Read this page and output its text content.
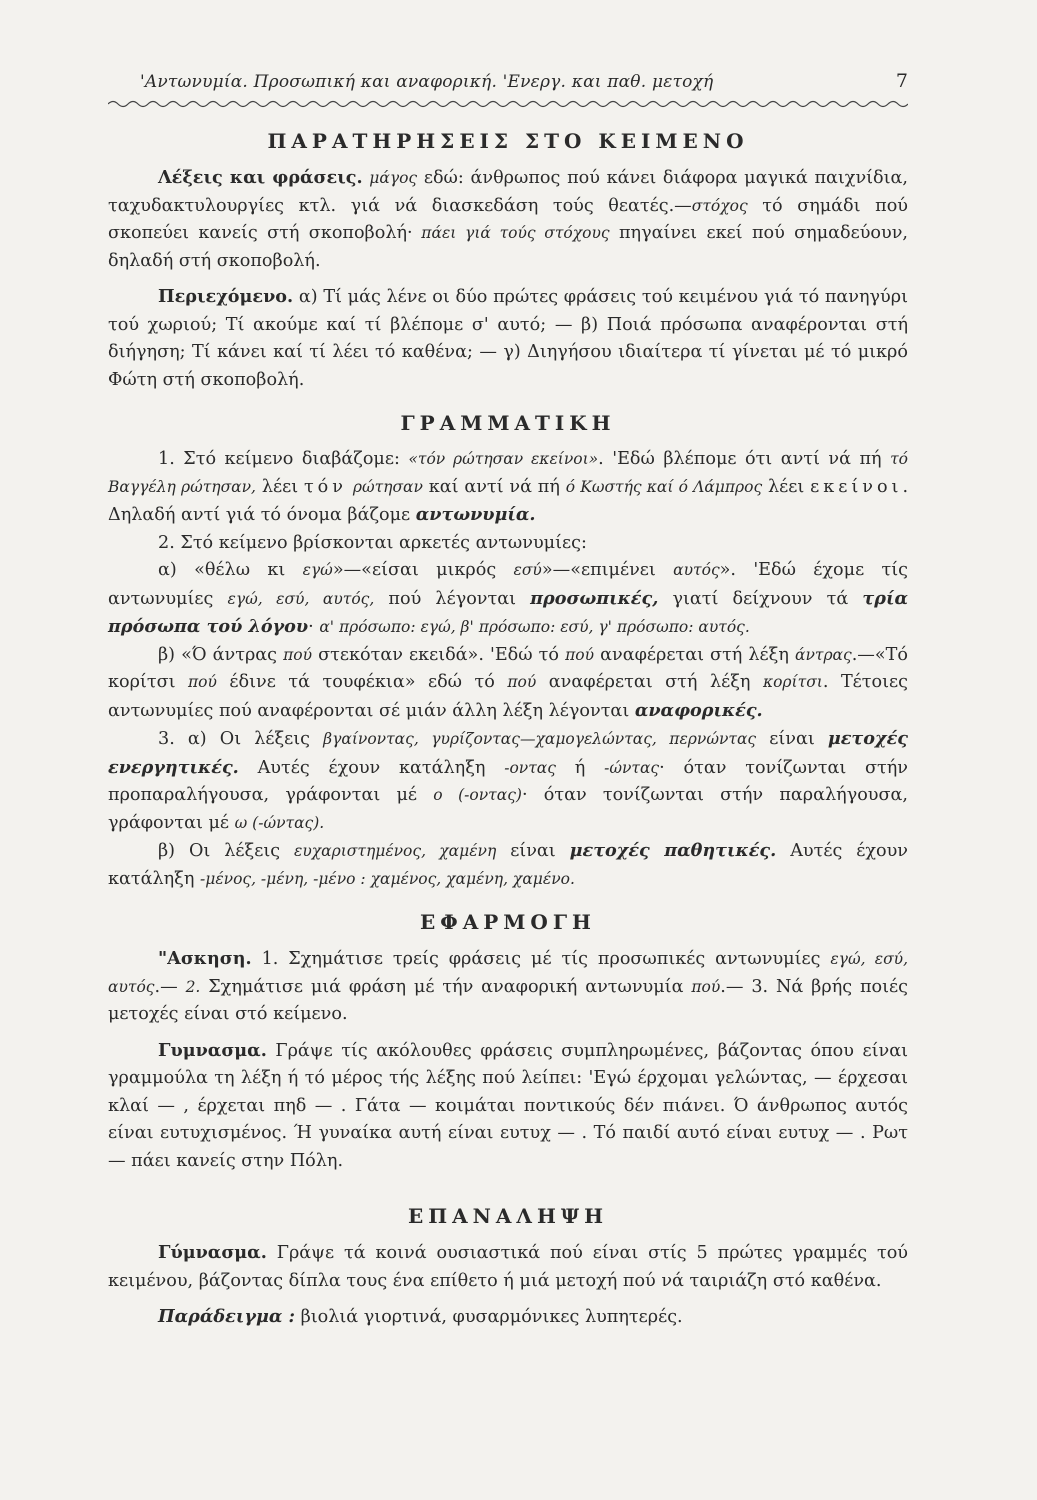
'Αντωνυμία. Προσωπική και αναφορική. 'Ενεργ. και παθ. μετοχή	7
ΠΑΡΑΤΗΡΗΣΕΙΣ ΣΤΟ ΚΕΙΜΕΝΟ

Λέξεις και φράσεις. μάγος εδώ: άνθρωπος πού κάνει διάφορα μαγικά παιχνίδια, ταχυδακτυλουργίες κτλ. γιά νά διασκεδάση τούς θεατές.—στόχος τό σημάδι πού σκοπεύει κανείς στή σκοποβολή· πάει γιά τούς στόχους πηγαίνει εκεί πού σημαδεύουν, δηλαδή στή σκοποβολή.

Περιεχόμενο. α) Τί μάς λένε οι δύο πρώτες φράσεις τού κειμένου γιά τό πανηγύρι τού χωριού; Τί ακούμε καί τί βλέπομε σ' αυτό; — β) Ποιά πρόσωπα αναφέρονται στή διήγηση; Τί κάνει καί τί λέει τό καθένα; — γ) Διηγήσου ιδιαίτερα τί γίνεται μέ τό μικρό Φώτη στή σκοποβολή.

ΓΡΑΜΜΑΤΙΚΗ

1. Στό κείμενο διαβάζομε: «τόν ρώτησαν εκείνοι». 'Εδώ βλέπομε ότι αντί νά πή τό Βαγγέλη ρώτησαν, λέει τόν ρώτησαν καί αντί νά πή ό Κωστής καί ό Λάμπρος λέει εκείνοι. Δηλαδή αντί γιά τό όνομα βάζομε αντωνυμία.

2. Στό κείμενο βρίσκονται αρκετές αντωνυμίες:

α) «θέλω κι εγώ»—«είσαι μικρός εσύ»—«επιμένει αυτός». 'Εδώ έχομε τίς αντωνυμίες εγώ, εσύ, αυτός, πού λέγονται προσωπικές, γιατί δείχνουν τά τρία πρόσωπα τού λόγου· α' πρόσωπο: εγώ, β' πρόσωπο: εσύ, γ' πρόσωπο: αυτός.

β) «Ό άντρας πού στεκόταν εκειδά». 'Εδώ τό πού αναφέρεται στή λέξη άντρας.—«Τό κορίτσι πού έδινε τά τουφέκια» εδώ τό πού αναφέρεται στή λέξη κορίτσι. Τέτοιες αντωνυμίες πού αναφέρονται σέ μιάν άλλη λέξη λέγονται αναφορικές.

3. α) Οι λέξεις βγαίνοντας, γυρίζοντας—χαμογελώντας, περνώντας είναι μετοχές ενεργητικές. Αυτές έχουν κατάληξη -οντας ή -ώντας· όταν τονίζωνται στήν προπαραλήγουσα, γράφονται μέ ο (-οντας)· όταν τονίζωνται στήν παραλήγουσα, γράφονται μέ ω (-ώντας).

β) Οι λέξεις ευχαριστημένος, χαμένη είναι μετοχές παθητικές. Αυτές έχουν κατάληξη -μένος, -μένη, -μένο : χαμένος, χαμένη, χαμένο.

ΕΦΑΡΜΟΓΗ

"Ασκηση. 1. Σχημάτισε τρείς φράσεις μέ τίς προσωπικές αντωνυμίες εγώ, εσύ, αυτός.— 2. Σχημάτισε μιά φράση μέ τήν αναφορική αντωνυμία πού.— 3. Νά βρής ποιές μετοχές είναι στό κείμενο.

Γυμνασμα. Γράψε τίς ακόλουθες φράσεις συμπληρωμένες, βάζοντας όπου είναι γραμμούλα τη λέξη ή τό μέρος τής λέξης πού λείπει: 'Εγώ έρχομαι γελώντας, — έρχεσαι κλαί — , έρχεται πηδ — . Γάτα — κοιμάται ποντικούς δέν πιάνει. Ό άνθρωπος αυτός είναι ευτυχισμένος. Ή γυναίκα αυτή είναι ευτυχ — . Τό παιδί αυτό είναι ευτυχ — . Ρωτ — πάει κανείς στην Πόλη.

ΕΠΑΝΑΛΗΨΗ

Γύμνασμα. Γράψε τά κοινά ουσιαστικά πού είναι στίς 5 πρώτες γραμμές τού κειμένου, βάζοντας δίπλα τους ένα επίθετο ή μιά μετοχή πού νά ταιριάζη στό καθένα.

Παράδειγμα : βιολιά γιορτινά, φυσαρμόνικες λυπητερές.
